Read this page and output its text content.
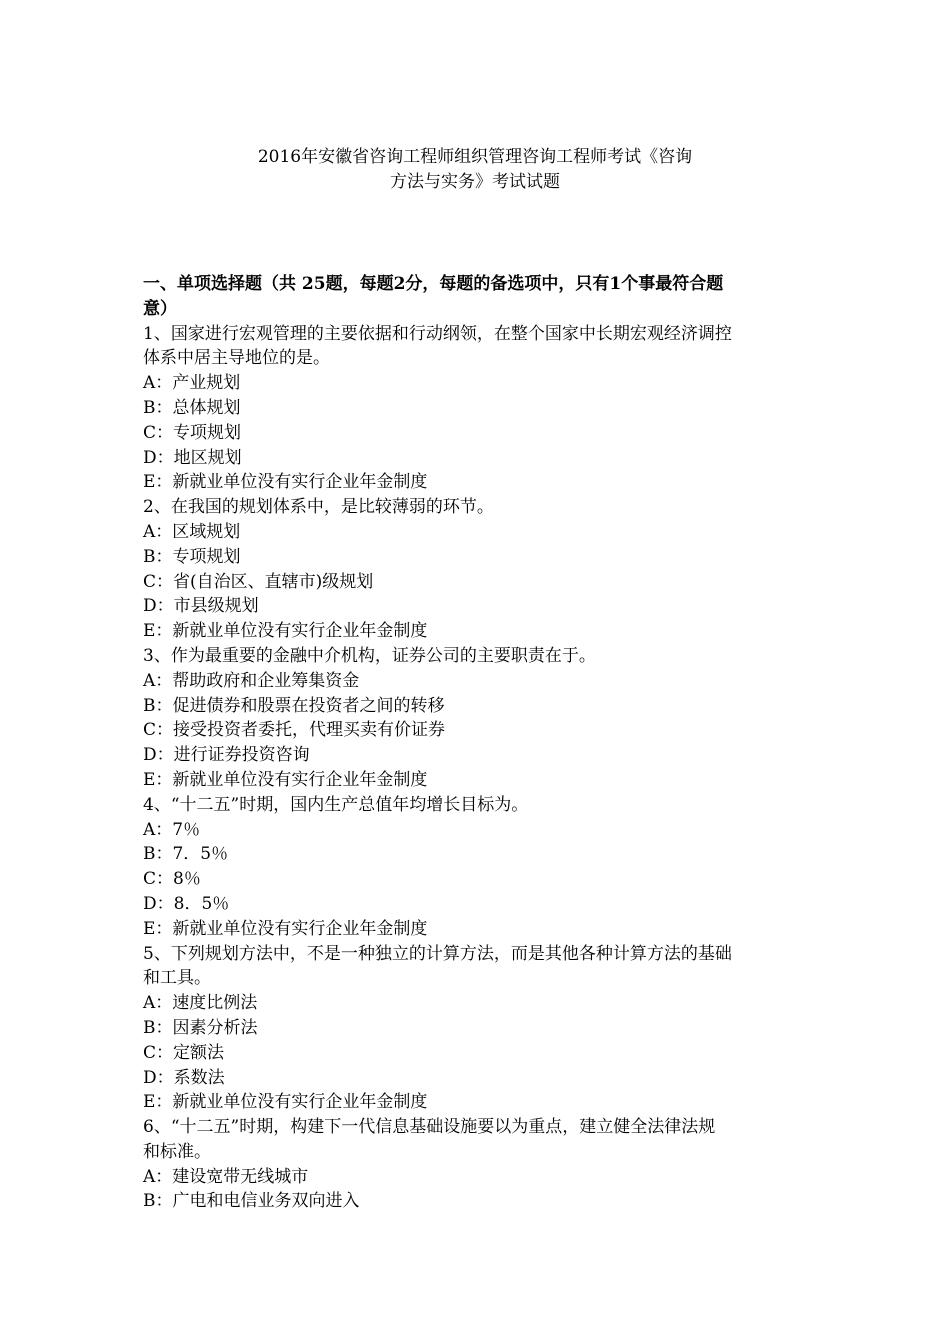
2016年安徽省咨询工程师组织管理咨询工程师考试《咨询
方法与实务》考试试题
一、单项选择题（共 25题，每题2分，每题的备选项中，只有1个事最符合题
意）
1、国家进行宏观管理的主要依据和行动纲领，在整个国家中长期宏观经济调控
体系中居主导地位的是。
A：产业规划
B：总体规划
C：专项规划
D：地区规划
E：新就业单位没有实行企业年金制度
2、在我国的规划体系中，是比较薄弱的环节。
A：区域规划
B：专项规划
C：省(自治区、直辖市)级规划
D：市县级规划
E：新就业单位没有实行企业年金制度
3、作为最重要的金融中介机构，证券公司的主要职责在于。
A：帮助政府和企业筹集资金
B：促进债券和股票在投资者之间的转移
C：接受投资者委托，代理买卖有价证券
D：进行证券投资咨询
E：新就业单位没有实行企业年金制度
4、“十二五”时期，国内生产总值年均增长目标为。
A：7％
B：7．5％
C：8％
D：8．5％
E：新就业单位没有实行企业年金制度
5、下列规划方法中，不是一种独立的计算方法，而是其他各种计算方法的基础
和工具。
A：速度比例法
B：因素分析法
C：定额法
D：系数法
E：新就业单位没有实行企业年金制度
6、“十二五”时期，构建下一代信息基础设施要以为重点，建立健全法律法规
和标准。
A：建设宽带无线城市
B：广电和电信业务双向进入
